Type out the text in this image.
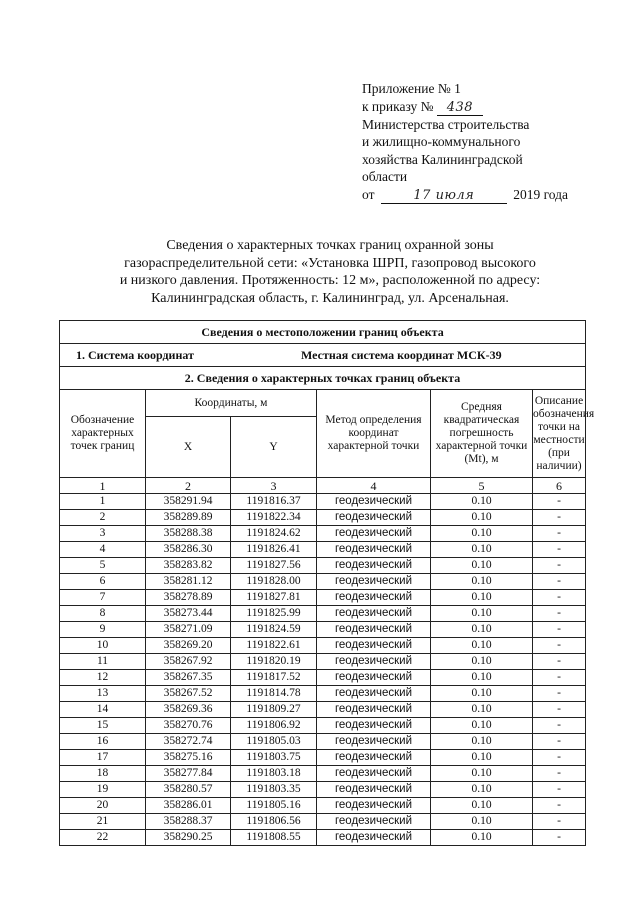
Приложение № 1
к приказу № 438
Министерства строительства
и жилищно-коммунального
хозяйства Калининградской
области
от	17 июля	2019 года
Сведения о характерных точках границ охранной зоны
газораспределительной сети: «Установка ШРП, газопровод высокого
и низкого давления. Протяженность: 12 м», расположенной по адресу:
Калининградская область, г. Калининград, ул. Арсенальная.
Сведения о местоположении границ объекта					
1. Система координат Местная система координат МСК-39					
2. Сведения о характерных точках границ объекта					
Обозначение характерных точек границ	Координаты, м		Метод определения координат характерной точки	Средняя квадратическая погрешность характерной точки (Mt), м	Описание обозначения точки на местности (при наличии)
	X	Y			
1	2	3	4	5	6
1	358291.94	1191816.37	геодезический	0.10	-
2	358289.89	1191822.34	геодезический	0.10	-
3	358288.38	1191824.62	геодезический	0.10	-
4	358286.30	1191826.41	геодезический	0.10	-
5	358283.82	1191827.56	геодезический	0.10	-
6	358281.12	1191828.00	геодезический	0.10	-
7	358278.89	1191827.81	геодезический	0.10	-
8	358273.44	1191825.99	геодезический	0.10	-
9	358271.09	1191824.59	геодезический	0.10	-
10	358269.20	1191822.61	геодезический	0.10	-
11	358267.92	1191820.19	геодезический	0.10	-
12	358267.35	1191817.52	геодезический	0.10	-
13	358267.52	1191814.78	геодезический	0.10	-
14	358269.36	1191809.27	геодезический	0.10	-
15	358270.76	1191806.92	геодезический	0.10	-
16	358272.74	1191805.03	геодезический	0.10	-
17	358275.16	1191803.75	геодезический	0.10	-
18	358277.84	1191803.18	геодезический	0.10	-
19	358280.57	1191803.35	геодезический	0.10	-
20	358286.01	1191805.16	геодезический	0.10	-
21	358288.37	1191806.56	геодезический	0.10	-
22	358290.25	1191808.55	геодезический	0.10	-
